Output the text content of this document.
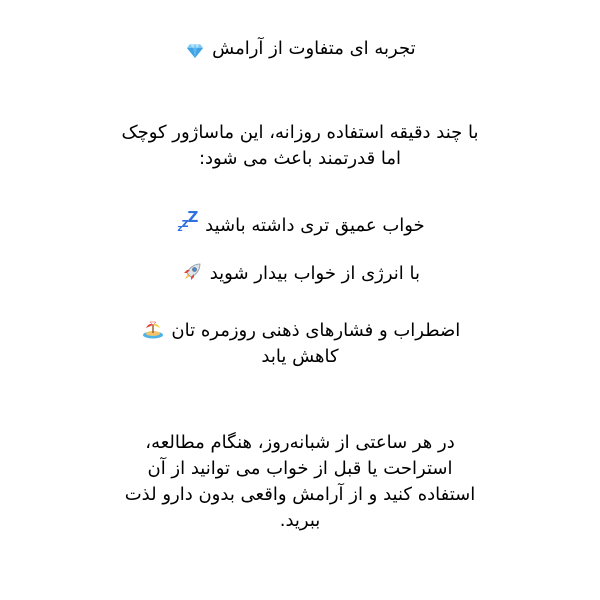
تجربه ای متفاوت از آرامش
با چند دقیقه استفاده روزانه، این ماساژور کوچک
اما قدرتمند باعث می شود:
خواب عمیق تری داشته باشید $_z$zZ
با انرژی از خواب بیدار شوید
اضطراب و فشارهای ذهنی روزمره تان
کاهش یابد
در هر ساعتی از شبانه‌روز، هنگام مطالعه،
استراحت یا قبل از خواب می توانید از آن
استفاده کنید و از آرامش واقعی بدون دارو لذت
ببرید.
